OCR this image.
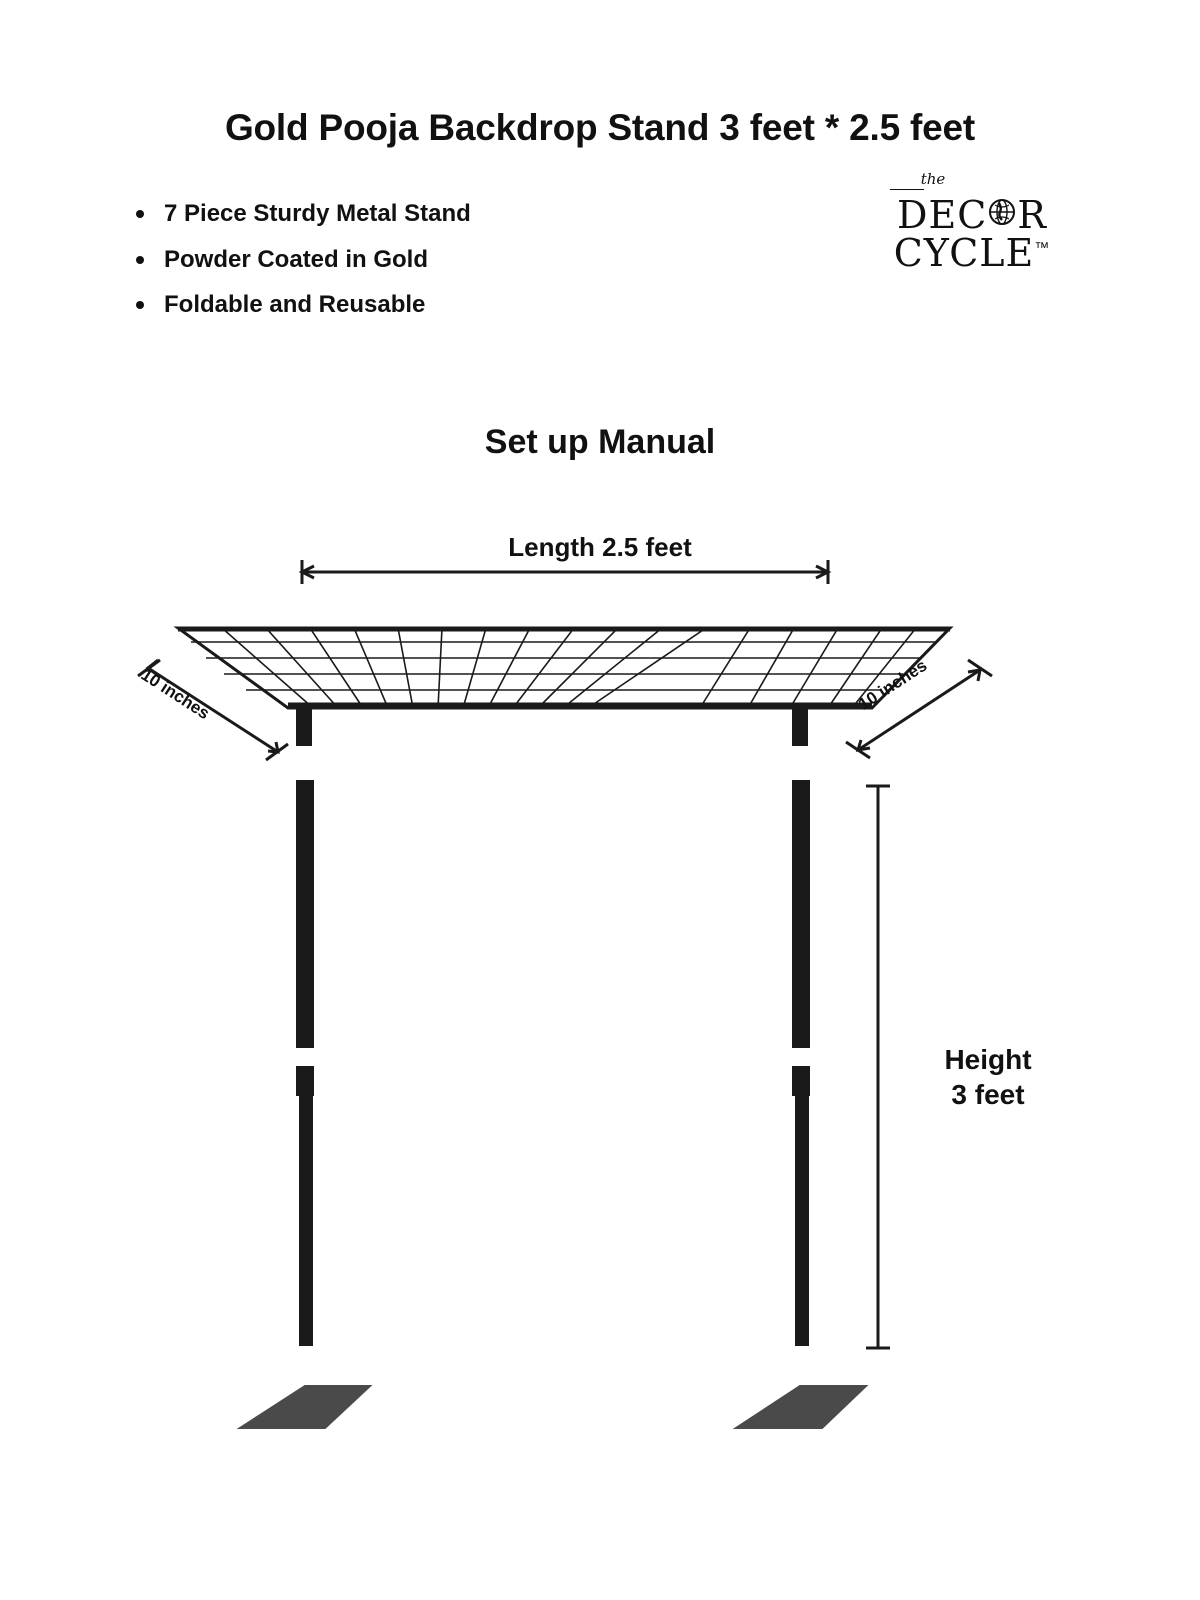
Gold Pooja Backdrop Stand 3 feet * 2.5 feet
7 Piece Sturdy Metal Stand
Powder Coated in Gold
Foldable and Reusable
the
DEC R
CYCLE™
Set up Manual
Length 2.5 feet
10 inches	10 inches
Height
3 feet
